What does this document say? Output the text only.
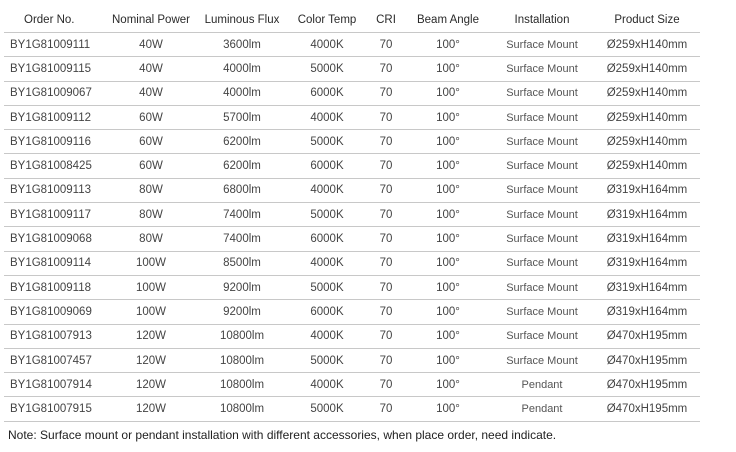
Order No.	Nominal Power	Luminous Flux	Color Temp	CRI	Beam Angle	Installation	Product Size
BY1G81009111	40W	3600lm	4000K	70	100°	Surface Mount	Ø259xH140mm
BY1G81009115	40W	4000lm	5000K	70	100°	Surface Mount	Ø259xH140mm
BY1G81009067	40W	4000lm	6000K	70	100°	Surface Mount	Ø259xH140mm
BY1G81009112	60W	5700lm	4000K	70	100°	Surface Mount	Ø259xH140mm
BY1G81009116	60W	6200lm	5000K	70	100°	Surface Mount	Ø259xH140mm
BY1G81008425	60W	6200lm	6000K	70	100°	Surface Mount	Ø259xH140mm
BY1G81009113	80W	6800lm	4000K	70	100°	Surface Mount	Ø319xH164mm
BY1G81009117	80W	7400lm	5000K	70	100°	Surface Mount	Ø319xH164mm
BY1G81009068	80W	7400lm	6000K	70	100°	Surface Mount	Ø319xH164mm
BY1G81009114	100W	8500lm	4000K	70	100°	Surface Mount	Ø319xH164mm
BY1G81009118	100W	9200lm	5000K	70	100°	Surface Mount	Ø319xH164mm
BY1G81009069	100W	9200lm	6000K	70	100°	Surface Mount	Ø319xH164mm
BY1G81007913	120W	10800lm	4000K	70	100°	Surface Mount	Ø470xH195mm
BY1G81007457	120W	10800lm	5000K	70	100°	Surface Mount	Ø470xH195mm
BY1G81007914	120W	10800lm	4000K	70	100°	Pendant	Ø470xH195mm
BY1G81007915	120W	10800lm	5000K	70	100°	Pendant	Ø470xH195mm
Note: Surface mount or pendant installation with different accessories, when place order, need indicate.
